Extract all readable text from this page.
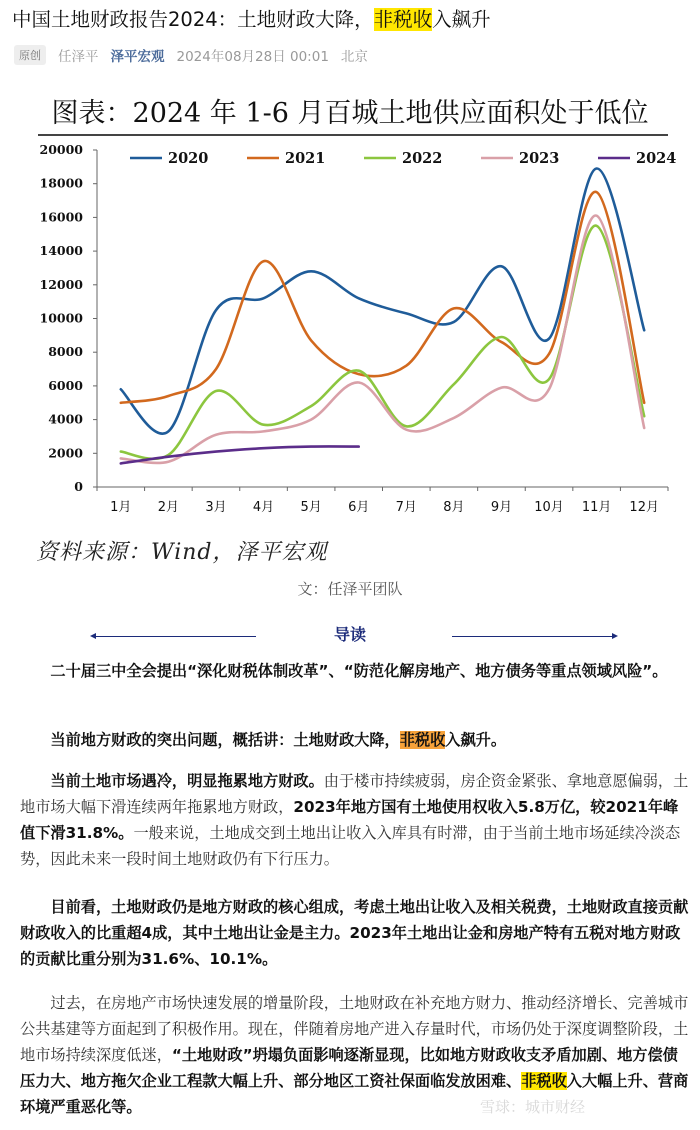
中国土地财政报告2024：土地财政大降，非税收入飙升
原创	任泽平 泽平宏观 2024年08月28日 00:01 北京
图表：2024 年 1-6 月百城土地供应面积处于低位
0
2000
4000
6000
8000
10000
12000
14000
16000
18000
20000
1月 2月 3月 4月 5月 6月 7月 8月 9月 10月 11月 12月
2020	2021	2022	2023	2024
资料来源：Wind，泽平宏观
文：任泽平团队
导读
二十届三中全会提出“深化财税体制改革”、“防范化解房地产、地方债务等重点领域风险”。
当前地方财政的突出问题，概括讲：土地财政大降，非税收入飙升。
当前土地市场遇冷，明显拖累地方财政。由于楼市持续疲弱，房企资金紧张、拿地意愿偏弱，土地市场大幅下滑连续两年拖累地方财政，2023年地方国有土地使用权收入5.8万亿，较2021年峰值下滑31.8%。一般来说，土地成交到土地出让收入入库具有时滞，由于当前土地市场延续冷淡态势，因此未来一段时间土地财政仍有下行压力。
目前看，土地财政仍是地方财政的核心组成，考虑土地出让收入及相关税费，土地财政直接贡献财政收入的比重超4成，其中土地出让金是主力。2023年土地出让金和房地产特有五税对地方财政的贡献比重分别为31.6%、10.1%。
过去，在房地产市场快速发展的增量阶段，土地财政在补充地方财力、推动经济增长、完善城市公共基建等方面起到了积极作用。现在，伴随着房地产进入存量时代，市场仍处于深度调整阶段，土地市场持续深度低迷，“土地财政”坍塌负面影响逐渐显现，比如地方财政收支矛盾加剧、地方偿债压力大、地方拖欠企业工程款大幅上升、部分地区工资社保面临发放困难、非税收入大幅上升、营商环境严重恶化等。	雪球：城市财经
